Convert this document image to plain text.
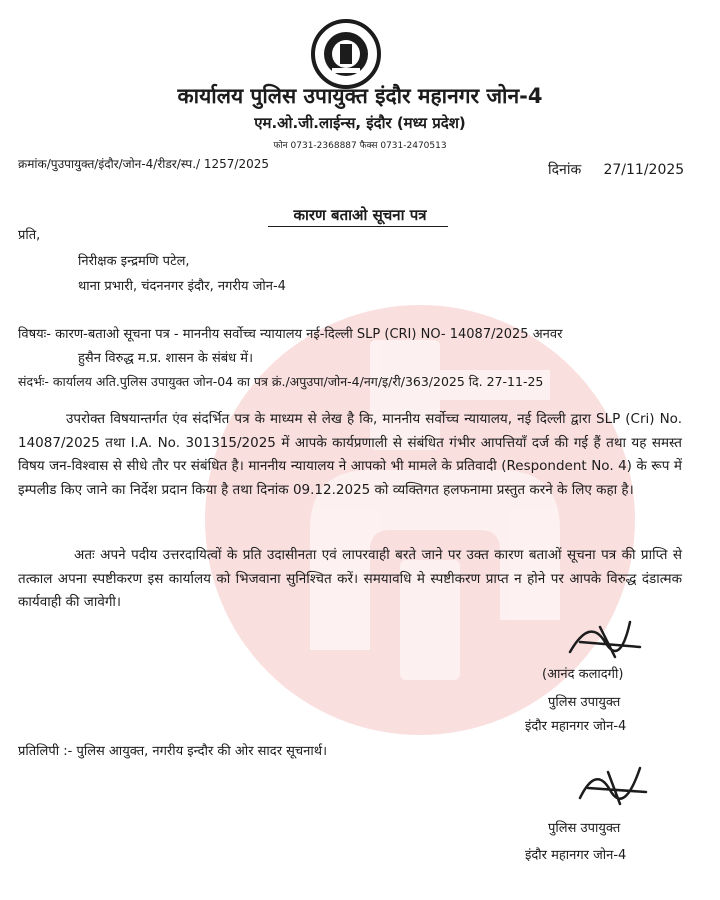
कार्यालय पुलिस उपायुक्त इंदौर महानगर जोन-4
एम.ओ.जी.लाईन्स, इंदौर (मध्य प्रदेश)
फोन 0731-2368887 फैक्स 0731-2470513
क्रमांक/पुउपायुक्त/इंदौर/जोन-4/रीडर/स्प./ 1257/2025	दिनांक 27/11/2025
कारण बताओ सूचना पत्र
प्रति,
निरीक्षक इन्द्रमणि पटेल,
थाना प्रभारी, चंदननगर इंदौर, नगरीय जोन-4
विषयः- कारण-बताओ सूचना पत्र - माननीय सर्वोच्च न्यायालय नई-दिल्ली SLP (CRI) NO- 14087/2025 अनवर
हुसैन विरुद्ध म.प्र. शासन के संबंध में।
संदर्भः- कार्यालय अति.पुलिस उपायुक्त जोन-04 का पत्र क्रं./अपुउपा/जोन-4/नग/इ/री/363/2025 दि. 27-11-25
उपरोक्त विषयान्तर्गत एंव संदर्भित पत्र के माध्यम से लेख है कि, माननीय सर्वोच्च न्यायालय, नई दिल्ली द्वारा SLP (Cri) No. 14087/2025 तथा I.A. No. 301315/2025 में आपके कार्यप्रणाली से संबंधित गंभीर आपत्तियाँ दर्ज की गई हैं तथा यह समस्त विषय जन-विश्वास से सीधे तौर पर संबंधित है। माननीय न्यायालय ने आपको भी मामले के प्रतिवादी (Respondent No. 4) के रूप में इम्पलीड किए जाने का निर्देश प्रदान किया है तथा दिनांक 09.12.2025 को व्यक्तिगत हलफनामा प्रस्तुत करने के लिए कहा है।
अतः अपने पदीय उत्तरदायित्वों के प्रति उदासीनता एवं लापरवाही बरते जाने पर उक्त कारण बताओं सूचना पत्र की प्राप्ति से तत्काल अपना स्पष्टीकरण इस कार्यालय को भिजवाना सुनिश्चित करें। समयावधि मे स्पष्टीकरण प्राप्त न होने पर आपके विरुद्ध दंडात्मक कार्यवाही की जावेगी।
(आनंद कलादगी)
पुलिस उपायुक्त
इंदौर महानगर जोन-4
प्रतिलिपी :- पुलिस आयुक्त, नगरीय इन्दौर की ओर सादर सूचनार्थ।
पुलिस उपायुक्त
इंदौर महानगर जोन-4
